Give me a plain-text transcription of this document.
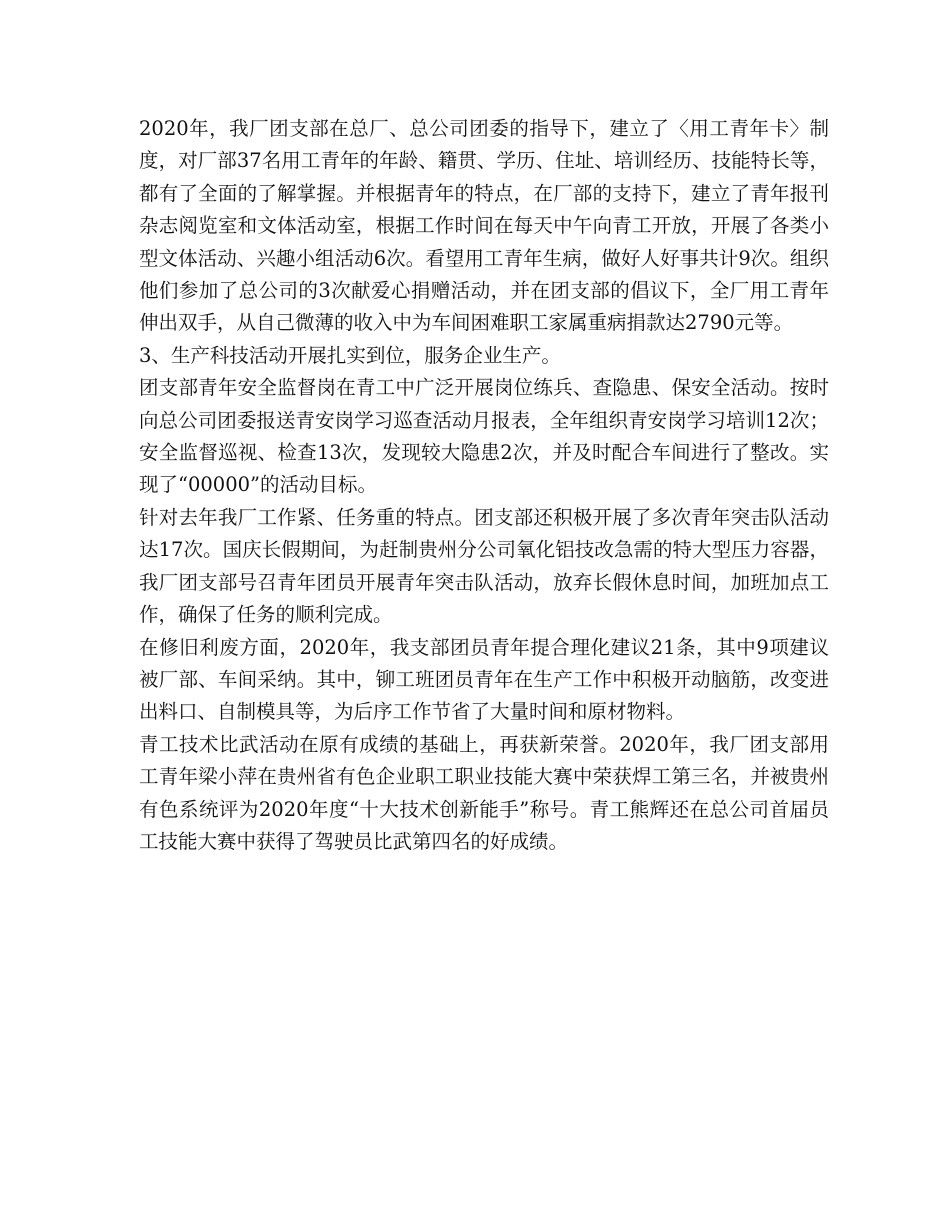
2020年，我厂团支部在总厂、总公司团委的指导下，建立了〈用工青年卡〉制度，对厂部37名用工青年的年龄、籍贯、学历、住址、培训经历、技能特长等，都有了全面的了解掌握。并根据青年的特点，在厂部的支持下，建立了青年报刊杂志阅览室和文体活动室，根据工作时间在每天中午向青工开放，开展了各类小型文体活动、兴趣小组活动6次。看望用工青年生病，做好人好事共计9次。组织他们参加了总公司的3次献爱心捐赠活动，并在团支部的倡议下，全厂用工青年伸出双手，从自己微薄的收入中为车间困难职工家属重病捐款达2790元等。

3、生产科技活动开展扎实到位，服务企业生产。

团支部青年安全监督岗在青工中广泛开展岗位练兵、查隐患、保安全活动。按时向总公司团委报送青安岗学习巡查活动月报表，全年组织青安岗学习培训12次；安全监督巡视、检查13次，发现较大隐患2次，并及时配合车间进行了整改。实现了“00000”的活动目标。

针对去年我厂工作紧、任务重的特点。团支部还积极开展了多次青年突击队活动达17次。国庆长假期间，为赶制贵州分公司氧化铝技改急需的特大型压力容器，我厂团支部号召青年团员开展青年突击队活动，放弃长假休息时间，加班加点工作，确保了任务的顺利完成。

在修旧利废方面，2020年，我支部团员青年提合理化建议21条，其中9项建议被厂部、车间采纳。其中，铆工班团员青年在生产工作中积极开动脑筋，改变进出料口、自制模具等，为后序工作节省了大量时间和原材物料。

青工技术比武活动在原有成绩的基础上，再获新荣誉。2020年，我厂团支部用工青年梁小萍在贵州省有色企业职工职业技能大赛中荣获焊工第三名，并被贵州有色系统评为2020年度“十大技术创新能手”称号。青工熊辉还在总公司首届员工技能大赛中获得了驾驶员比武第四名的好成绩。
